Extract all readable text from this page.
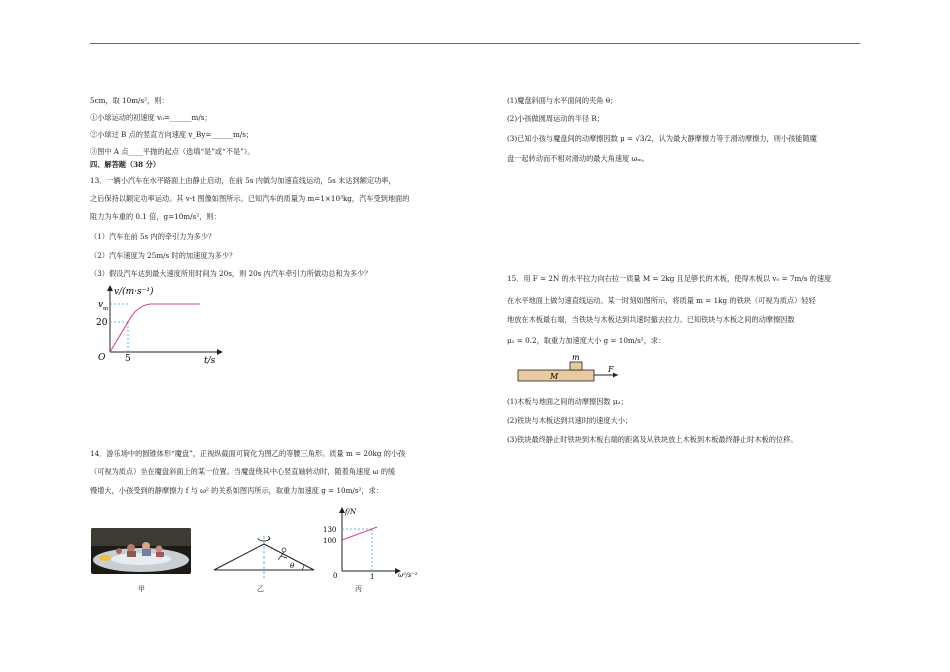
5cm，取 10m/s²，则：
①小球运动的初速度 v₀=______m/s；
②小球过 B 点的竖直方向速度 v_By=______m/s；
③图中 A 点____平抛的起点（选填“是”或“不是”）。
四、解答题（38 分）
13．一辆小汽车在水平路面上由静止启动，在前 5s 内做匀加速直线运动，5s 末达到额定功率，
之后保持以额定功率运动。其 v-t 图像如图所示。已知汽车的质量为 m=1×10³kg，汽车受到地面的
阻力为车重的 0.1 倍，g=10m/s²，则：
（1）汽车在前 5s 内的牵引力为多少？
（2）汽车速度为 25m/s 时的加速度为多少？
（3）假设汽车达到最大速度所用时间为 20s，则 20s 内汽车牵引力所做功总和为多少？
v/(m·s⁻¹)
v m
20
O 5	t/s
14．游乐场中的圆锥体形“魔盘”，正视纵截面可简化为图乙的等腰三角形。质量 m = 20kg 的小孩
（可视为质点）坐在魔盘斜面上的某一位置。当魔盘绕其中心竖直轴转动时，随着角速度 ω 的缓
慢增大，小孩受到的静摩擦力 f 与 ω² 的关系如图丙所示，取重力加速度 g = 10m/s²，求：
甲
θ
乙
f/N
130
100
0	1	ω²/s⁻²
丙
(1)魔盘斜面与水平面间的夹角 θ；
(2)小孩做圆周运动的半径 R；
(3)已知小孩与魔盘间的动摩擦因数 μ = √3/2，认为最大静摩擦力等于滑动摩擦力，则小孩能随魔
盘一起转动而不相对滑动的最大角速度 ωₘ。
15．用 F = 2N 的水平拉力向右拉一质量 M = 2kg 且足够长的木板，使得木板以 v₀ = 7m/s 的速度
在水平地面上做匀速直线运动。某一时刻如图所示，将质量 m = 1kg 的铁块（可视为质点）轻轻
地放在木板最右端，当铁块与木板达到共速时撤去拉力。已知铁块与木板之间的动摩擦因数
μ₁ = 0.2，取重力加速度大小 g = 10m/s²，求：
M
m
F
(1)木板与地面之间的动摩擦因数 μ₂；
(2)铁块与木板达到共速时的速度大小；
(3)铁块最终静止时铁块到木板右端的距离及从铁块放上木板到木板最终静止时木板的位移。
